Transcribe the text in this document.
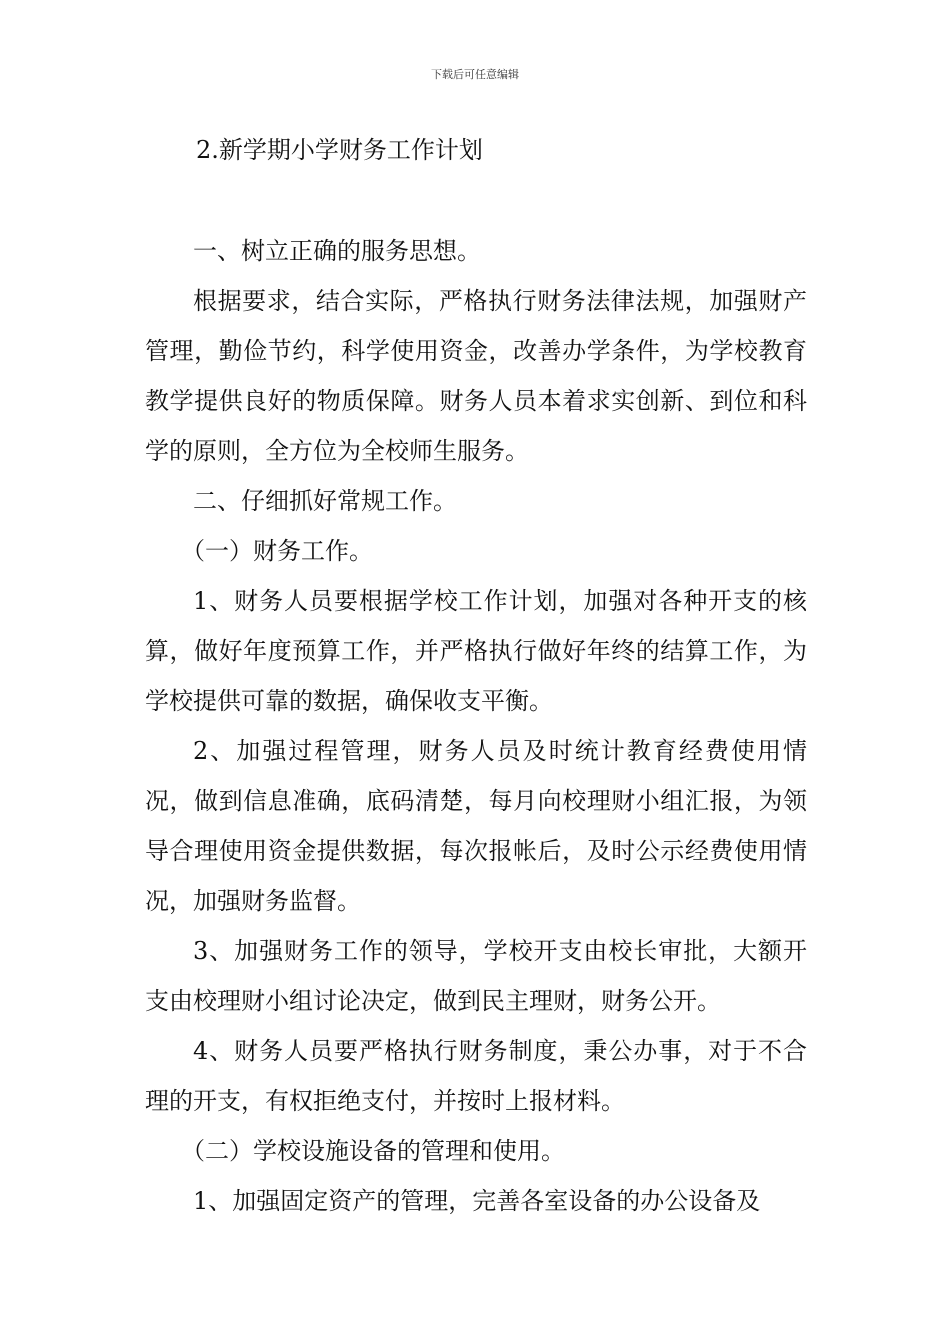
下载后可任意编辑
2.新学期小学财务工作计划

一、树立正确的服务思想。

根据要求，结合实际，严格执行财务法律法规，加强财产管理，勤俭节约，科学使用资金，改善办学条件，为学校教育教学提供良好的物质保障。财务人员本着求实创新、到位和科学的原则，全方位为全校师生服务。

二、仔细抓好常规工作。

（一）财务工作。

1、财务人员要根据学校工作计划，加强对各种开支的核算，做好年度预算工作，并严格执行做好年终的结算工作，为学校提供可靠的数据，确保收支平衡。

2、加强过程管理，财务人员及时统计教育经费使用情况，做到信息准确，底码清楚，每月向校理财小组汇报，为领导合理使用资金提供数据，每次报帐后，及时公示经费使用情况，加强财务监督。

3、加强财务工作的领导，学校开支由校长审批，大额开支由校理财小组讨论决定，做到民主理财，财务公开。

4、财务人员要严格执行财务制度，秉公办事，对于不合理的开支，有权拒绝支付，并按时上报材料。

（二）学校设施设备的管理和使用。

1、加强固定资产的管理，完善各室设备的办公设备及
